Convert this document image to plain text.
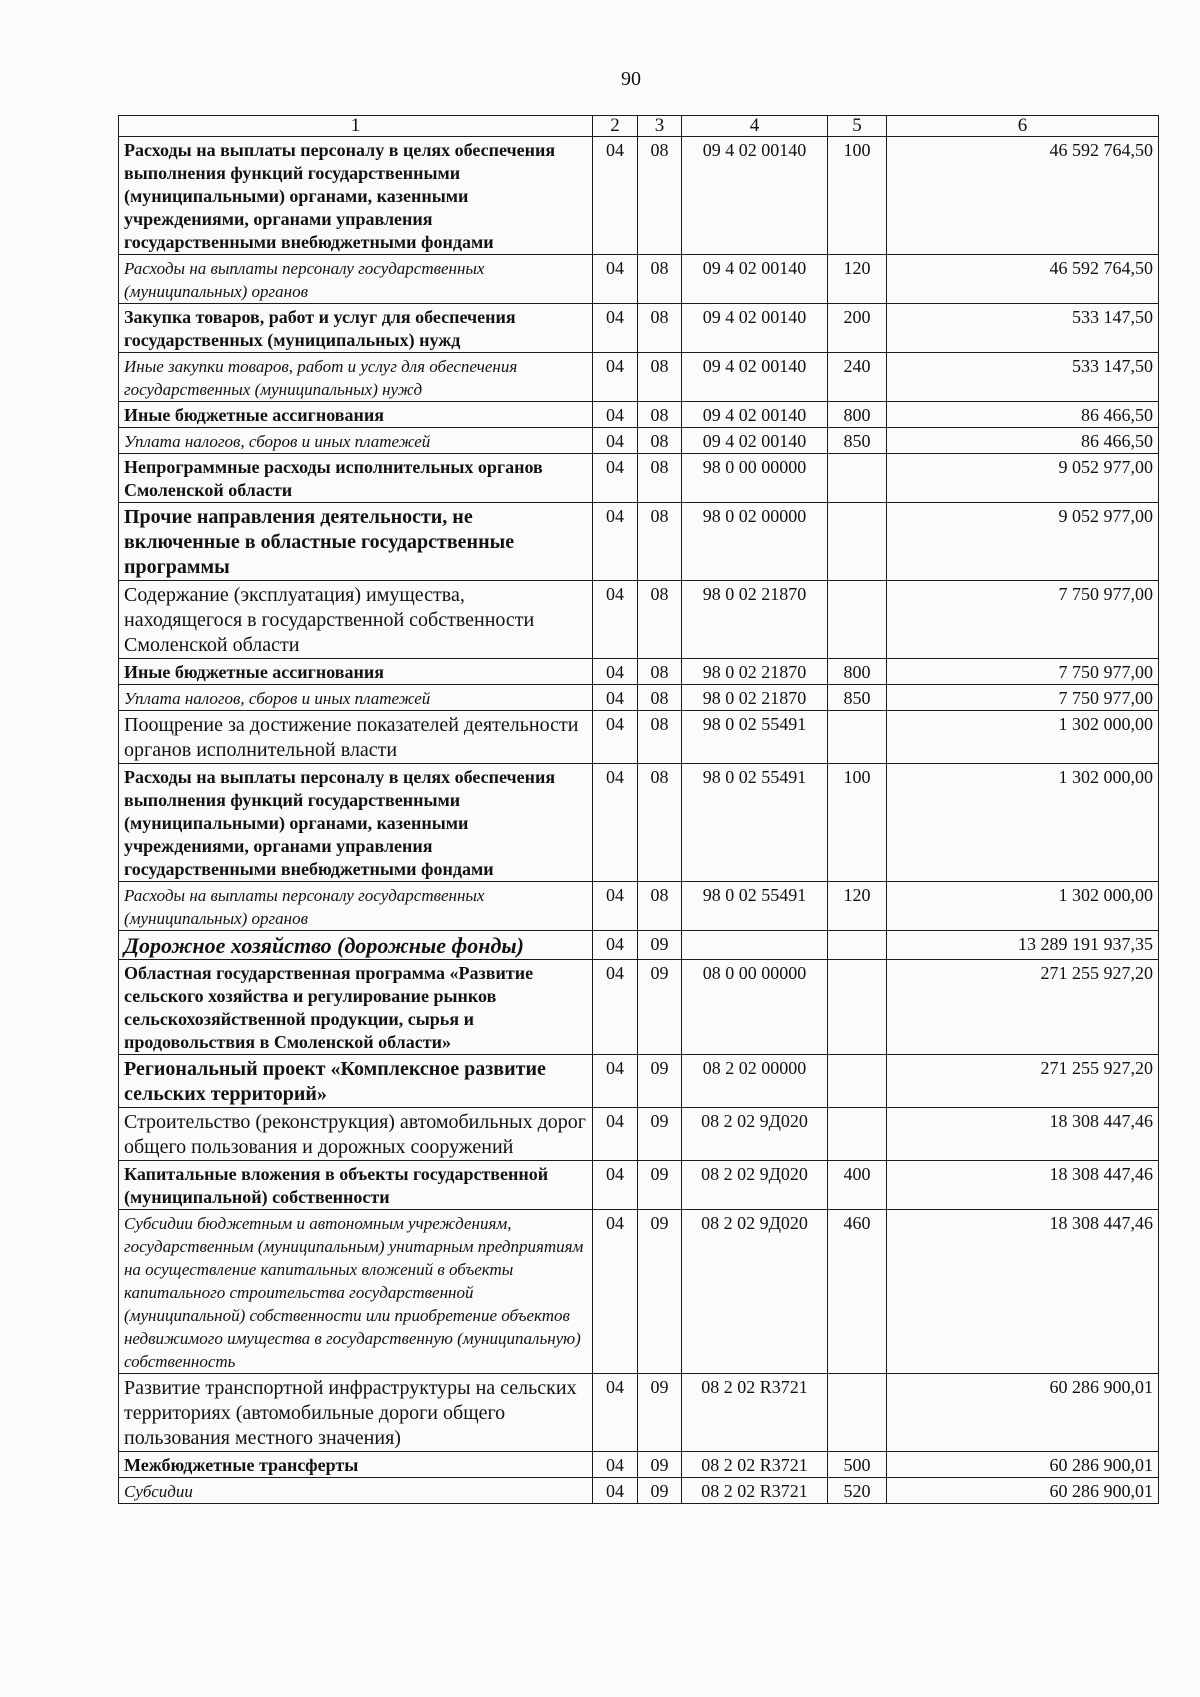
90
1	2	3	4	5	6
Расходы на выплаты персоналу в целях обеспечения выполнения функций государственными (муниципальными) органами, казенными учреждениями, органами управления государственными внебюджетными фондами	04	08	09 4 02 00140	100	46 592 764,50
Расходы на выплаты персоналу государственных (муниципальных) органов	04	08	09 4 02 00140	120	46 592 764,50
Закупка товаров, работ и услуг для обеспечения государственных (муниципальных) нужд	04	08	09 4 02 00140	200	533 147,50
Иные закупки товаров, работ и услуг для обеспечения государственных (муниципальных) нужд	04	08	09 4 02 00140	240	533 147,50
Иные бюджетные ассигнования	04	08	09 4 02 00140	800	86 466,50
Уплата налогов, сборов и иных платежей	04	08	09 4 02 00140	850	86 466,50
Непрограммные расходы исполнительных органов Смоленской области	04	08	98 0 00 00000		9 052 977,00
Прочие направления деятельности, не включенные в областные государственные программы	04	08	98 0 02 00000		9 052 977,00
Содержание (эксплуатация) имущества, находящегося в государственной собственности Смоленской области	04	08	98 0 02 21870		7 750 977,00
Иные бюджетные ассигнования	04	08	98 0 02 21870	800	7 750 977,00
Уплата налогов, сборов и иных платежей	04	08	98 0 02 21870	850	7 750 977,00
Поощрение за достижение показателей деятельности органов исполнительной власти	04	08	98 0 02 55491		1 302 000,00
Расходы на выплаты персоналу в целях обеспечения выполнения функций государственными (муниципальными) органами, казенными учреждениями, органами управления государственными внебюджетными фондами	04	08	98 0 02 55491	100	1 302 000,00
Расходы на выплаты персоналу государственных (муниципальных) органов	04	08	98 0 02 55491	120	1 302 000,00
Дорожное хозяйство (дорожные фонды)	04	09			13 289 191 937,35
Областная государственная программа «Развитие сельского хозяйства и регулирование рынков сельскохозяйственной продукции, сырья и продовольствия в Смоленской области»	04	09	08 0 00 00000		271 255 927,20
Региональный проект «Комплексное развитие сельских территорий»	04	09	08 2 02 00000		271 255 927,20
Строительство (реконструкция) автомобильных дорог общего пользования и дорожных сооружений	04	09	08 2 02 9Д020		18 308 447,46
Капитальные вложения в объекты государственной (муниципальной) собственности	04	09	08 2 02 9Д020	400	18 308 447,46
Субсидии бюджетным и автономным учреждениям, государственным (муниципальным) унитарным предприятиям на осуществление капитальных вложений в объекты капитального строительства государственной (муниципальной) собственности или приобретение объектов недвижимого имущества в государственную (муниципальную) собственность	04	09	08 2 02 9Д020	460	18 308 447,46
Развитие транспортной инфраструктуры на сельских территориях (автомобильные дороги общего пользования местного значения)	04	09	08 2 02 R3721		60 286 900,01
Межбюджетные трансферты	04	09	08 2 02 R3721	500	60 286 900,01
Субсидии	04	09	08 2 02 R3721	520	60 286 900,01
